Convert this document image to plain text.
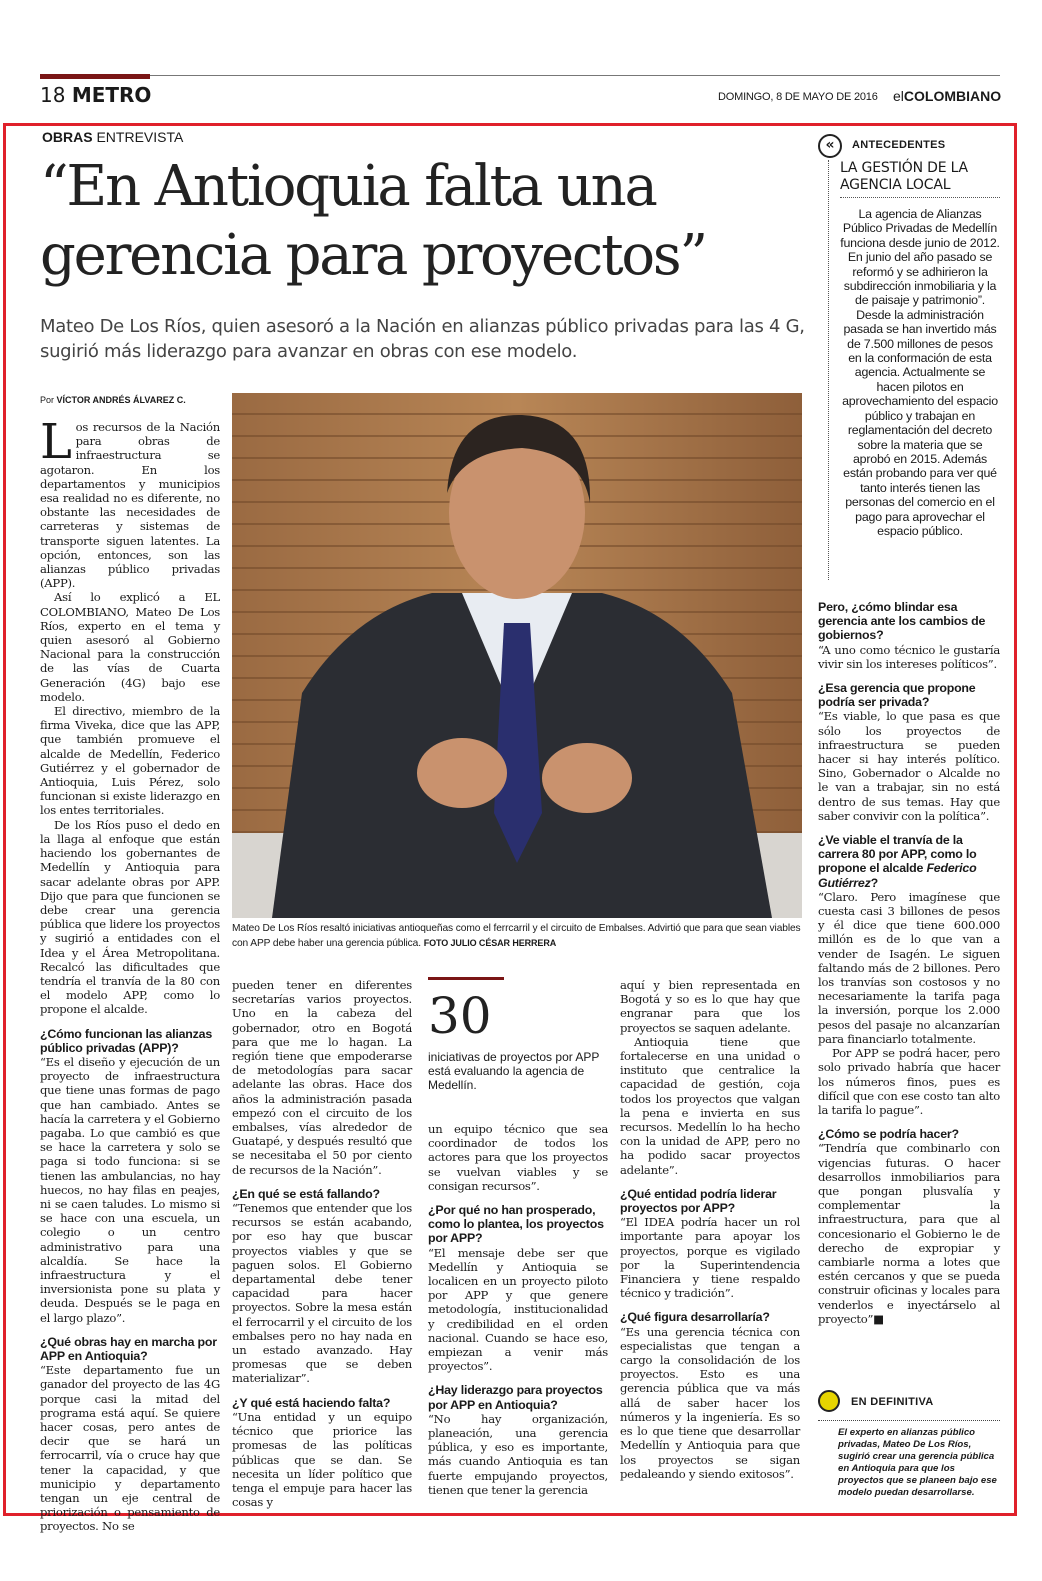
18 METRO	DOMINGO, 8 DE MAYO DE 2016 elCOLOMBIANO
OBRAS ENTREVISTA
“En Antioquia falta una gerencia para proyectos”
Mateo De Los Ríos, quien asesoró a la Nación en alianzas público privadas para las 4 G, sugirió más liderazgo para avanzar en obras con ese modelo.
Por VÍCTOR ANDRÉS ÁLVAREZ C.

Los recursos de la Nación para obras de infraestructura se agotaron. En los departamentos y municipios esa realidad no es diferente, no obstante las necesidades de carreteras y sistemas de transporte siguen latentes. La opción, entonces, son las alianzas público privadas (APP).

Así lo explicó a EL COLOMBIANO, Mateo De Los Ríos, experto en el tema y quien asesoró al Gobierno Nacional para la construcción de las vías de Cuarta Generación (4G) bajo ese modelo.

El directivo, miembro de la firma Viveka, dice que las APP, que también promueve el alcalde de Medellín, Federico Gutiérrez y el gobernador de Antioquia, Luis Pérez, solo funcionan si existe liderazgo en los entes territoriales.

De los Ríos puso el dedo en la llaga al enfoque que están haciendo los gobernantes de Medellín y Antioquia para sacar adelante obras por APP. Dijo que para que funcionen se debe crear una gerencia pública que lidere los proyectos y sugirió a entidades con el Idea y el Área Metropolitana. Recalcó las dificultades que tendría el tranvía de la 80 con el modelo APP, como lo propone el alcalde.

¿Cómo funcionan las alianzas público privadas (APP)?

“Es el diseño y ejecución de un proyecto de infraestructura que tiene unas formas de pago que han cambiado. Antes se hacía la carretera y el Gobierno pagaba. Lo que cambió es que se hace la carretera y solo se paga si todo funciona: si se tienen las ambulancias, no hay huecos, no hay filas en peajes, ni se caen taludes. Lo mismo si se hace con una escuela, un colegio o un centro administrativo para una alcaldía. Se hace la infraestructura y el inversionista pone su plata y deuda. Después se le paga en el largo plazo”.

¿Qué obras hay en marcha por APP en Antioquia?

“Este departamento fue un ganador del proyecto de las 4G porque casi la mitad del programa está aquí. Se quiere hacer cosas, pero antes de decir que se hará un ferrocarril, vía o cruce hay que tener la capacidad, y que municipio y departamento tengan un eje central de priorización o pensamiento de proyectos. No se

Mateo De Los Ríos resaltó iniciativas antioqueñas como el ferrcarril y el circuito de Embalses. Advirtió que para que sean viables con APP debe haber una gerencia pública. FOTO JULIO CÉSAR HERRERA

pueden tener en diferentes secretarías varios proyectos. Uno en la cabeza del gobernador, otro en Bogotá para que me lo hagan. La región tiene que empoderarse de metodologías para sacar adelante las obras. Hace dos años la administración pasada empezó con el circuito de los embalses, vías alrededor de Guatapé, y después resultó que se necesitaba el 50 por ciento de recursos de la Nación”.

¿En qué se está fallando?

“Tenemos que entender que los recursos se están acabando, por eso hay que buscar proyectos viables y que se paguen solos. El Gobierno departamental debe tener capacidad para hacer proyectos. Sobre la mesa están el ferrocarril y el circuito de los embalses pero no hay nada en un estado avanzado. Hay promesas que se deben materializar”.

¿Y qué está haciendo falta?

“Una entidad y un equipo técnico que priorice las promesas de las políticas públicas que se dan. Se necesita un líder político que tenga el empuje para hacer las cosas y

30
iniciativas de proyectos por APP está evaluando la agencia de Medellín.

un equipo técnico que sea coordinador de todos los actores para que los proyectos se vuelvan viables y se consigan recursos”.

¿Por qué no han prosperado, como lo plantea, los proyectos por APP?

“El mensaje debe ser que Medellín y Antioquia se localicen en un proyecto piloto por APP y que genere metodología, institucionalidad y credibilidad en el orden nacional. Cuando se hace eso, empiezan a venir más proyectos”.

¿Hay liderazgo para proyectos por APP en Antioquia?

“No hay organización, planeación, una gerencia pública, y eso es importante, más cuando Antioquia es tan fuerte empujando proyectos, tienen que tener la gerencia

aquí y bien representada en Bogotá y so es lo que hay que engranar para que los proyectos se saquen adelante.

Antioquia tiene que fortalecerse en una unidad o instituto que centralice la capacidad de gestión, coja todos los proyectos que valgan la pena e invierta en sus recursos. Medellín lo ha hecho con la unidad de APP, pero no ha podido sacar proyectos adelante”.

¿Qué entidad podría liderar proyectos por APP?

“El IDEA podría hacer un rol importante para apoyar los proyectos, porque es vigilado por la Superintendencia Financiera y tiene respaldo técnico y tradición”.

¿Qué figura desarrollaría?

“Es una gerencia técnica con especialistas que tengan a cargo la consolidación de los proyectos. Esto es una gerencia pública que va más allá de saber hacer los números y la ingeniería. Es so es lo que tiene que desarrollar Medellín y Antioquia para que los proyectos se sigan pedaleando y siendo exitosos”.

«	ANTECEDENTES
LA GESTIÓN DE LA AGENCIA LOCAL
La agencia de Alianzas Público Privadas de Medellín funciona desde junio de 2012. En junio del año pasado se reformó y se adhirieron la subdirección inmobiliaria y la de paisaje y patrimonio”. Desde la administración pasada se han invertido más de 7.500 millones de pesos en la conformación de esta agencia. Actualmente se hacen pilotos en aprovechamiento del espacio público y trabajan en reglamentación del decreto sobre la materia que se aprobó en 2015. Además están probando para ver qué tanto interés tienen las personas del comercio en el pago para aprovechar el espacio público.
Pero, ¿cómo blindar esa gerencia ante los cambios de gobiernos?

“A uno como técnico le gustaría vivir sin los intereses políticos”.

¿Esa gerencia que propone podría ser privada?

“Es viable, lo que pasa es que sólo los proyectos de infraestructura se pueden hacer si hay interés político. Sino, Gobernador o Alcalde no le van a trabajar, sin no está dentro de sus temas. Hay que saber convivir con la política”.

¿Ve viable el tranvía de la carrera 80 por APP, como lo propone el alcalde Federico Gutiérrez?

“Claro. Pero imagínese que cuesta casi 3 billones de pesos y él dice que tiene 600.000 millón es de lo que van a vender de Isagén. Le siguen faltando más de 2 billones. Pero los tranvías son costosos y no necesariamente la tarifa paga la inversión, porque los 2.000 pesos del pasaje no alcanzarían para financiarlo totalmente.

Por APP se podrá hacer, pero solo privado habría que hacer los números finos, pues es difícil que con ese costo tan alto la tarifa lo pague”.

¿Cómo se podría hacer?

“Tendría que combinarlo con vigencias futuras. O hacer desarrollos inmobiliarios para que pongan plusvalía y complementar la infraestructura, para que al concesionario el Gobierno le de derecho de expropiar y cambiarle norma a lotes que estén cercanos y que se pueda construir oficinas y locales para venderlos e inyectárselo al proyecto”■

EN DEFINITIVA
El experto en alianzas público privadas, Mateo De Los Ríos, sugirió crear una gerencia pública en Antioquia para que los proyectos que se planeen bajo ese modelo puedan desarrollarse.
